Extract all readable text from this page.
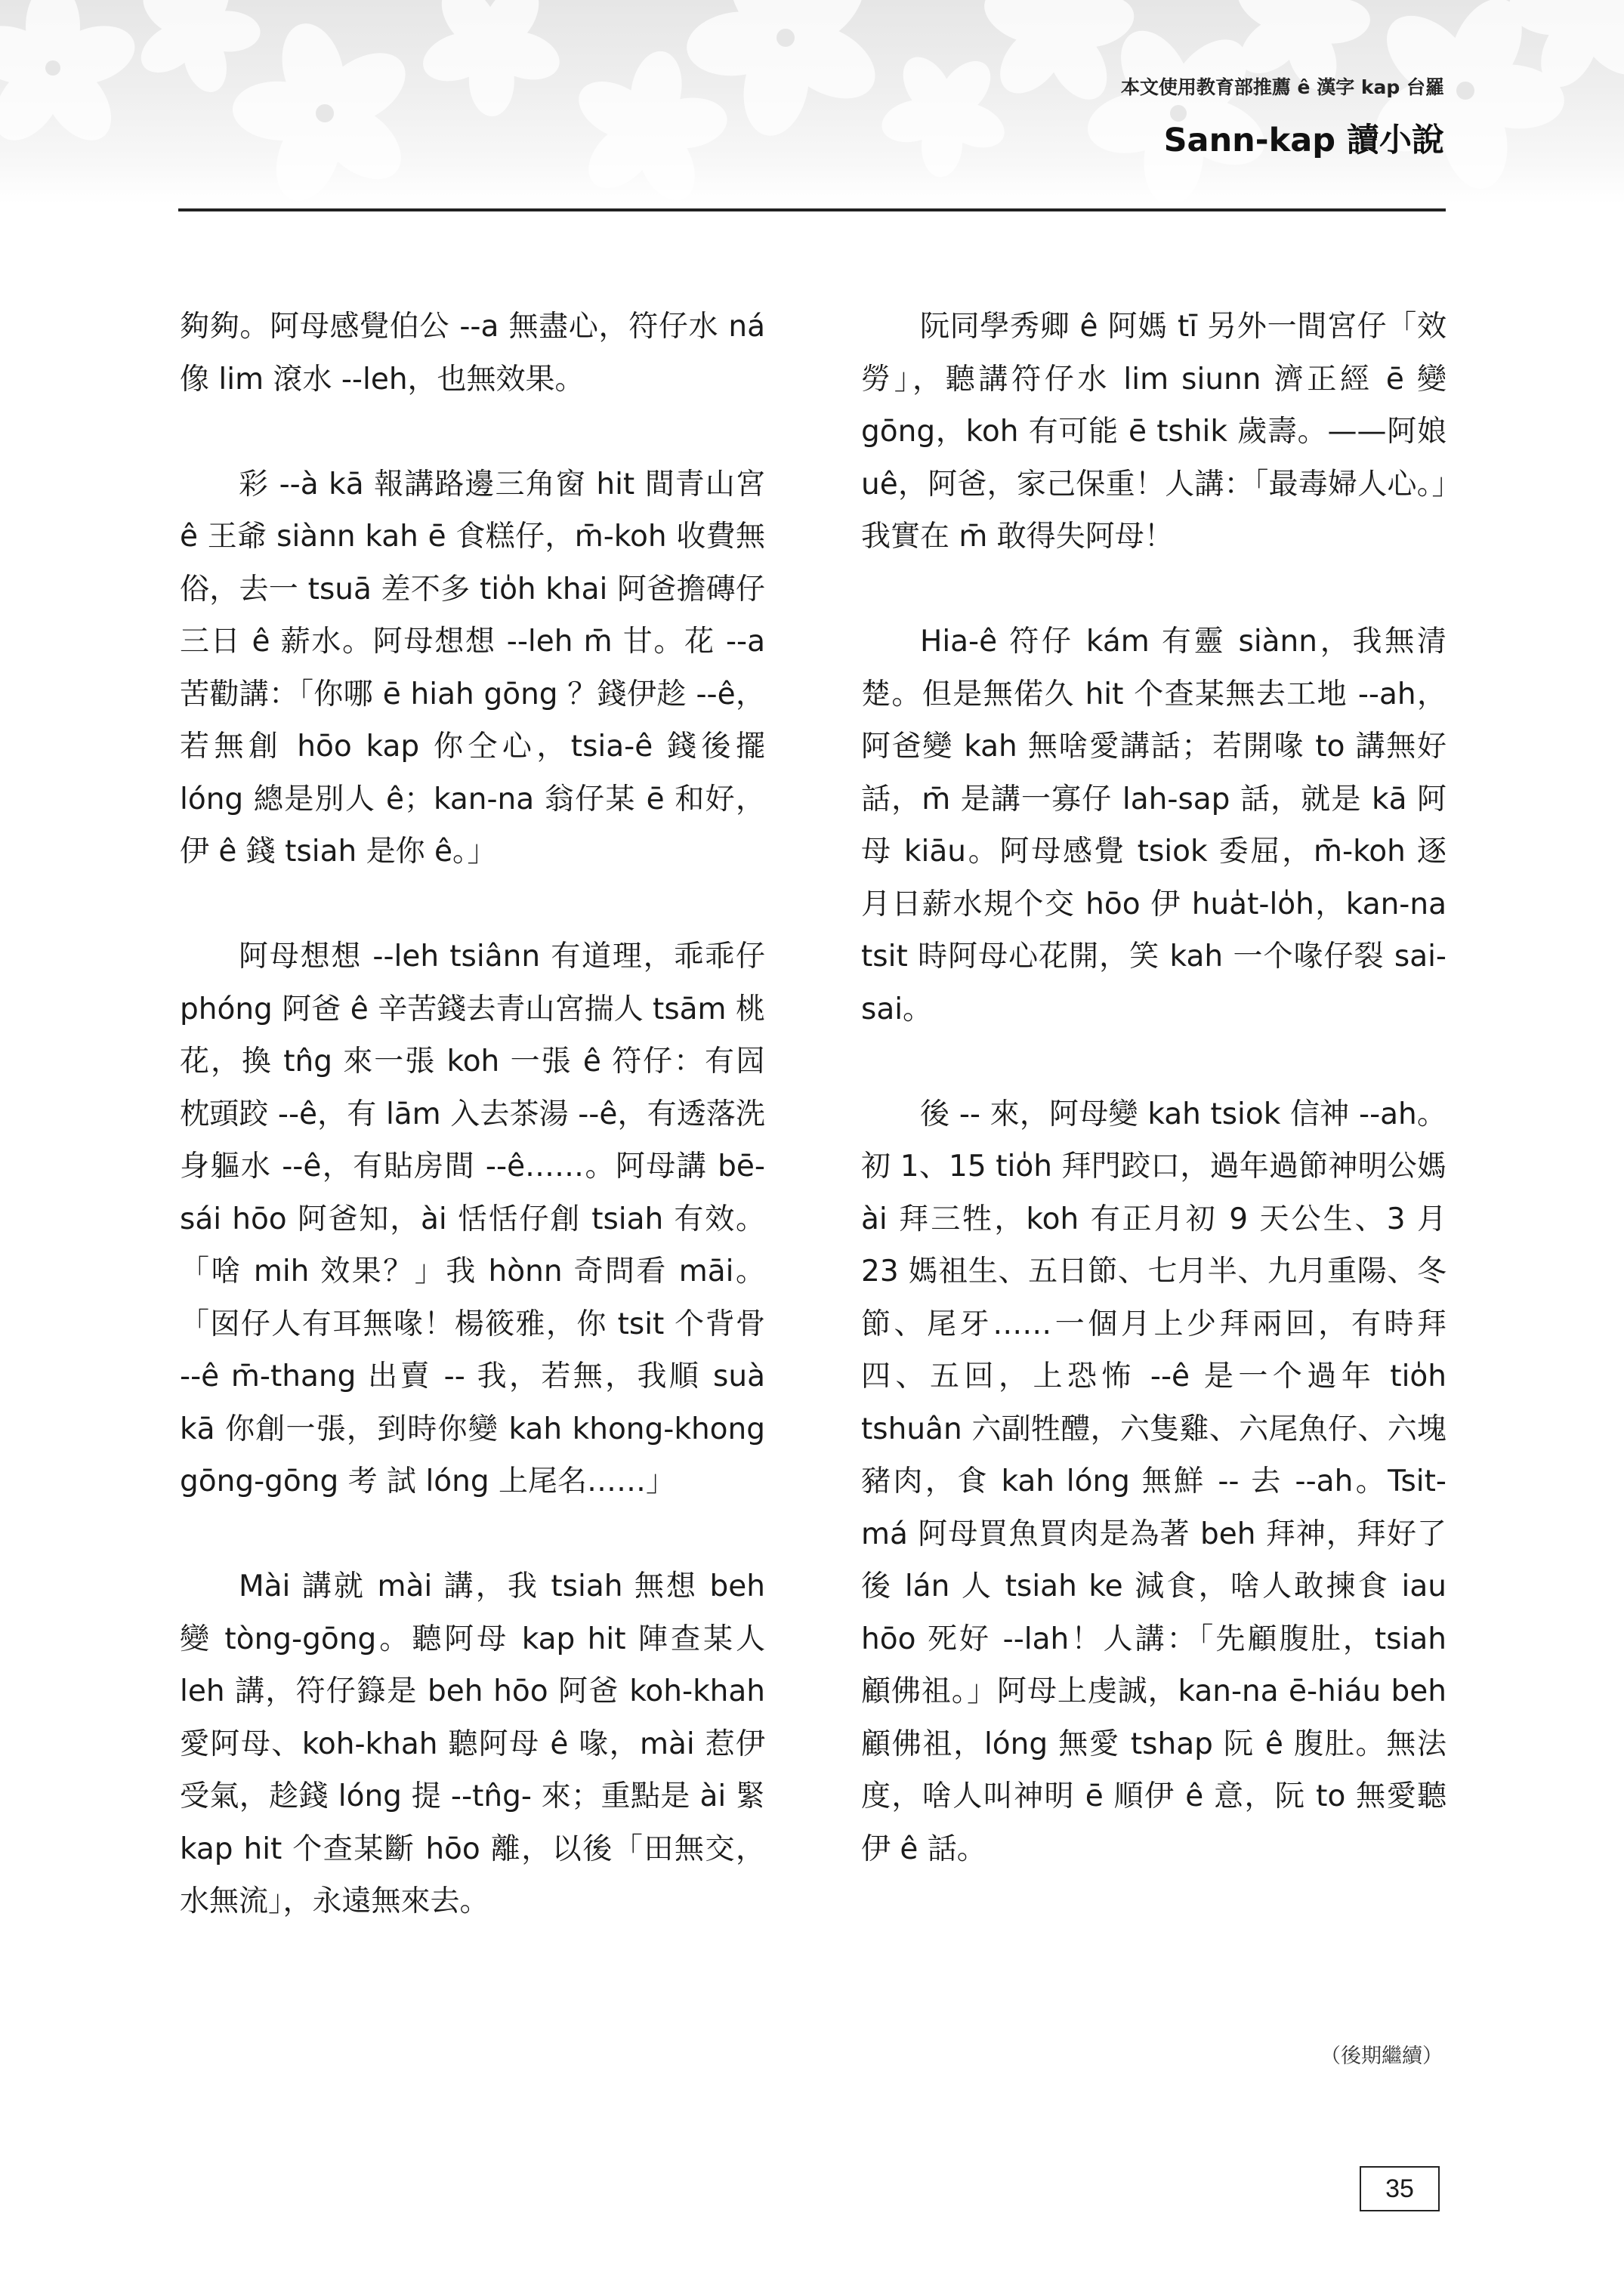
本文使用教育部推薦 ê 漢字 kap 台羅
Sann-kap 讀小說

夠夠。阿母感覺伯公 --a 無盡心，符仔水 ná 像 lim 滾水 --leh，也無效果。

彩 --à kā 報講路邊三角窗 hit 間青山宮 ê 王爺 siànn kah ē 食糕仔，m̄-koh 收費無俗，去一 tsuā 差不多 tio̍h khai 阿爸擔磚仔三日 ê 薪水。阿母想想 --leh m̄ 甘。花 --a 苦勸講：「你哪 ē hiah gōng ？錢伊趁 --ê，若無創 hōo kap 你仝心，tsia-ê 錢後擺 lóng 總是別人 ê；kan-na 翁仔某 ē 和好，伊 ê 錢 tsiah 是你 ê。」

阿母想想 --leh tsiânn 有道理，乖乖仔 phóng 阿爸 ê 辛苦錢去青山宮揣人 tsām 桃花，換 tn̂g 來一張 koh 一張 ê 符仔：有囥枕頭跤 --ê，有 lām 入去茶湯 --ê，有透落洗身軀水 --ê，有貼房間 --ê……。阿母講 bē-sái hōo 阿爸知，ài 恬恬仔創 tsiah 有效。「啥 mih 效果？」我 hònn 奇問看 māi。「囡仔人有耳無喙！楊筱雅，你 tsit 个背骨 --ê m̄-thang 出賣 -- 我，若無，我順 suà kā 你創一張，到時你變 kah khong-khong gōng-gōng 考 試 lóng 上尾名……」

Mài 講就 mài 講，我 tsiah 無想 beh 變 tòng-gōng。聽阿母 kap hit 陣查某人 leh 講，符仔籙是 beh hōo 阿爸 koh-khah 愛阿母、koh-khah 聽阿母 ê 喙，mài 惹伊受氣，趁錢 lóng 提 --tn̂g- 來；重點是 ài 緊 kap hit 个查某斷 hōo 離，以後「田無交，水無流」，永遠無來去。

阮同學秀卿 ê 阿媽 tī 另外一間宮仔「效勞」，聽講符仔水 lim siunn 濟正經 ē 變 gōng，koh 有可能 ē tshik 歲壽。——阿娘 uê，阿爸，家己保重！人講：「最毒婦人心。」我實在 m̄ 敢得失阿母！

Hia-ê 符仔 kám 有靈 siànn，我無清楚。但是無偌久 hit 个查某無去工地 --ah，阿爸變 kah 無啥愛講話；若開喙 to 講無好話，m̄ 是講一寡仔 lah-sap 話，就是 kā 阿母 kiāu。阿母感覺 tsiok 委屈，m̄-koh 逐月日薪水規个交 hōo 伊 hua̍t-lo̍h，kan-na tsit 時阿母心花開，笑 kah 一个喙仔裂 sai-sai。

後 -- 來，阿母變 kah tsiok 信神 --ah。初 1、15 tio̍h 拜門跤口，過年過節神明公媽 ài 拜三牲，koh 有正月初 9 天公生、3 月 23 媽祖生、五日節、七月半、九月重陽、冬節、尾牙……一個月上少拜兩回，有時拜四、五回，上恐怖 --ê 是一个過年 tio̍h tshuân 六副牲醴，六隻雞、六尾魚仔、六塊豬肉，食 kah lóng 無鮮 -- 去 --ah。Tsit-má 阿母買魚買肉是為著 beh 拜神，拜好了後 lán 人 tsiah ke 減食，啥人敢揀食 iau hōo 死好 --lah！人講：「先顧腹肚，tsiah 顧佛祖。」阿母上虔誠，kan-na ē-hiáu beh 顧佛祖，lóng 無愛 tshap 阮 ê 腹肚。無法度，啥人叫神明 ē 順伊 ê 意，阮 to 無愛聽伊 ê 話。

（後期繼續）
35
